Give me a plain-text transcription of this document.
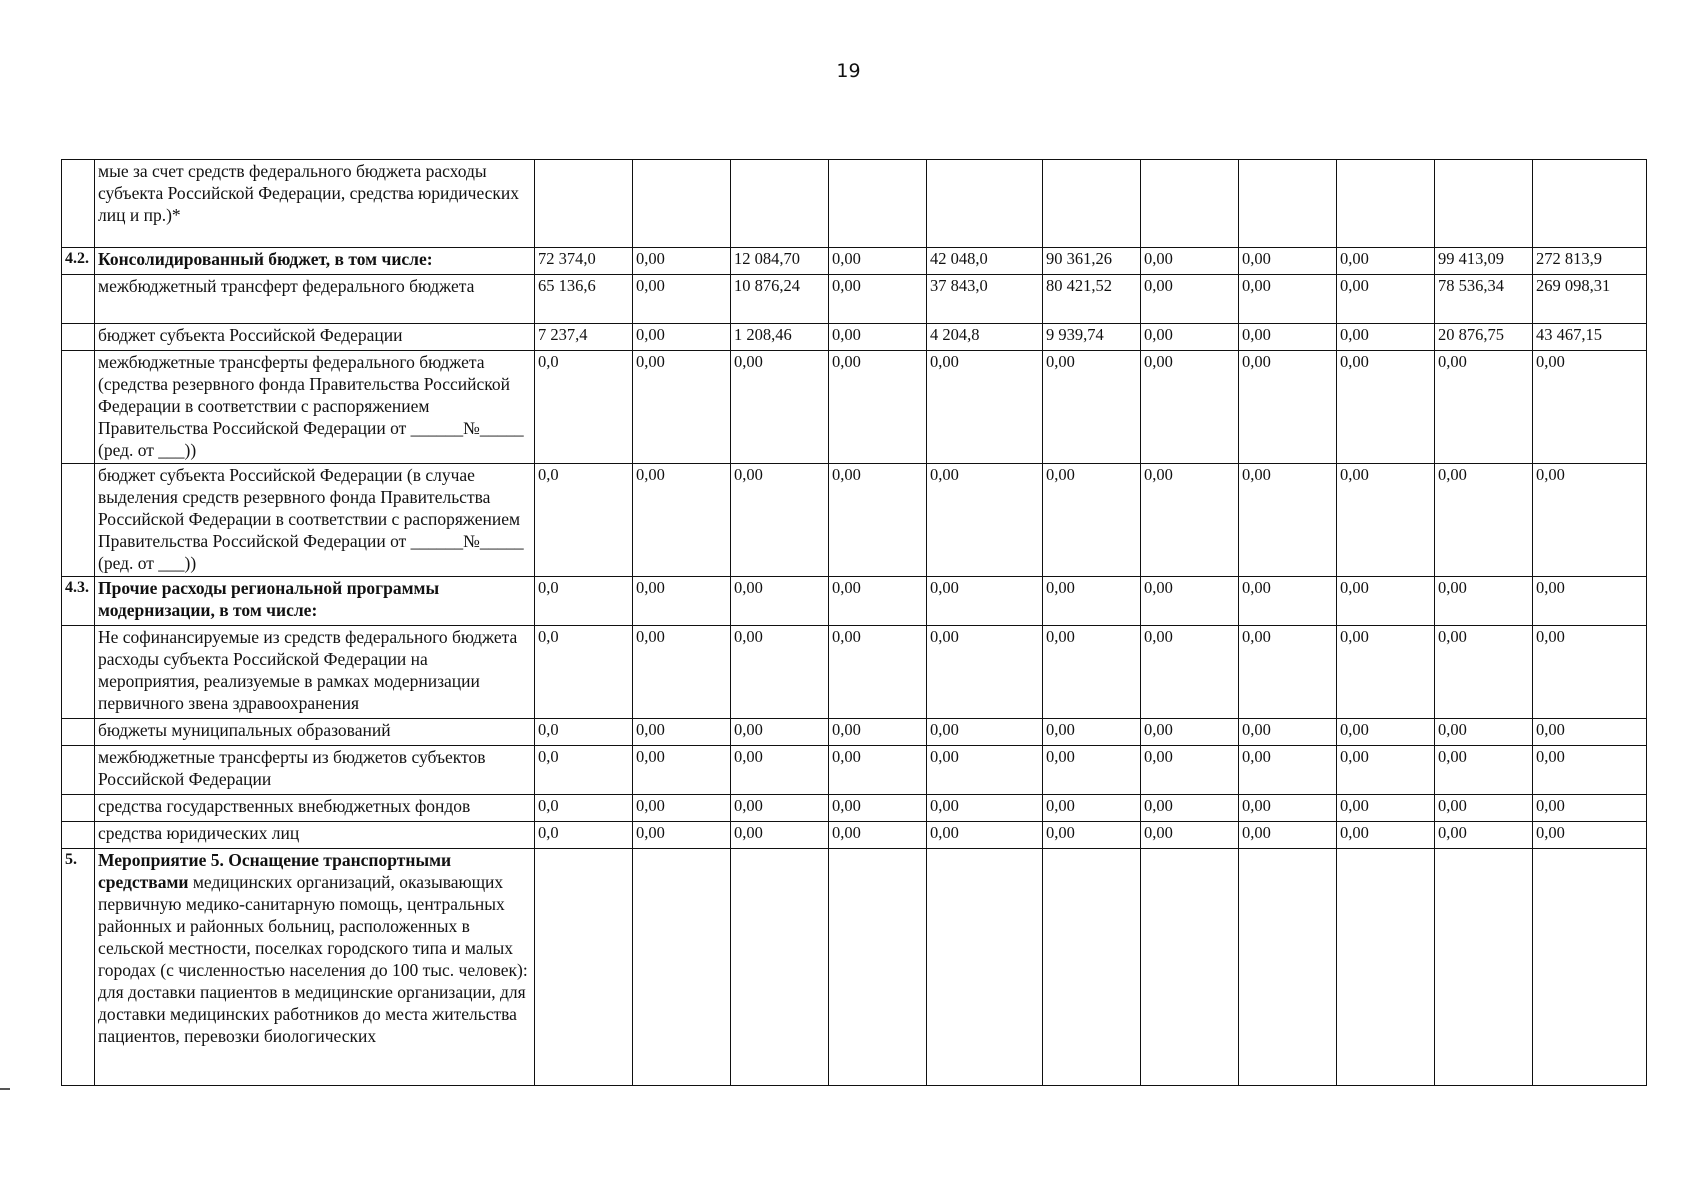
19
	мые за счет средств федерального бюджета расходы субъекта Российской Федерации, средства юридических лиц и пр.)*											
4.2.	Консолидированный бюджет, в том числе:	72 374,0	0,00	12 084,70	0,00	42 048,0	90 361,26	0,00	0,00	0,00	99 413,09	272 813,9
	межбюджетный трансферт федерального бюджета	65 136,6	0,00	10 876,24	0,00	37 843,0	80 421,52	0,00	0,00	0,00	78 536,34	269 098,31
	бюджет субъекта Российской Федерации	7 237,4	0,00	1 208,46	0,00	4 204,8	9 939,74	0,00	0,00	0,00	20 876,75	43 467,15
	межбюджетные трансферты федерального бюджета (средства резервного фонда Правительства Российской Федерации в соответствии с распоряжением Правительства Российской Федерации от ______№_____ (ред. от ___))	0,0	0,00	0,00	0,00	0,00	0,00	0,00	0,00	0,00	0,00	0,00
	бюджет субъекта Российской Федерации (в случае выделения средств резервного фонда Правительства Российской Федерации в соответствии с распоряжением Правительства Российской Федерации от ______№_____ (ред. от ___))	0,0	0,00	0,00	0,00	0,00	0,00	0,00	0,00	0,00	0,00	0,00
4.3.	Прочие расходы региональной программы модернизации, в том числе:	0,0	0,00	0,00	0,00	0,00	0,00	0,00	0,00	0,00	0,00	0,00
	Не софинансируемые из средств федерального бюджета расходы субъекта Российской Федерации на мероприятия, реализуемые в рамках модернизации первичного звена здравоохранения	0,0	0,00	0,00	0,00	0,00	0,00	0,00	0,00	0,00	0,00	0,00
	бюджеты муниципальных образований	0,0	0,00	0,00	0,00	0,00	0,00	0,00	0,00	0,00	0,00	0,00
	межбюджетные трансферты из бюджетов субъектов Российской Федерации	0,0	0,00	0,00	0,00	0,00	0,00	0,00	0,00	0,00	0,00	0,00
	средства государственных внебюджетных фондов	0,0	0,00	0,00	0,00	0,00	0,00	0,00	0,00	0,00	0,00	0,00
	средства юридических лиц	0,0	0,00	0,00	0,00	0,00	0,00	0,00	0,00	0,00	0,00	0,00
5.	Мероприятие 5. Оснащение транспортными средствами медицинских организаций, оказывающих первичную медико-санитарную помощь, центральных районных и районных больниц, расположенных в сельской местности, поселках городского типа и малых городах (с численностью населения до 100 тыс. человек): для доставки пациентов в медицинские организации, для доставки медицинских работников до места жительства пациентов, перевозки биологических											
